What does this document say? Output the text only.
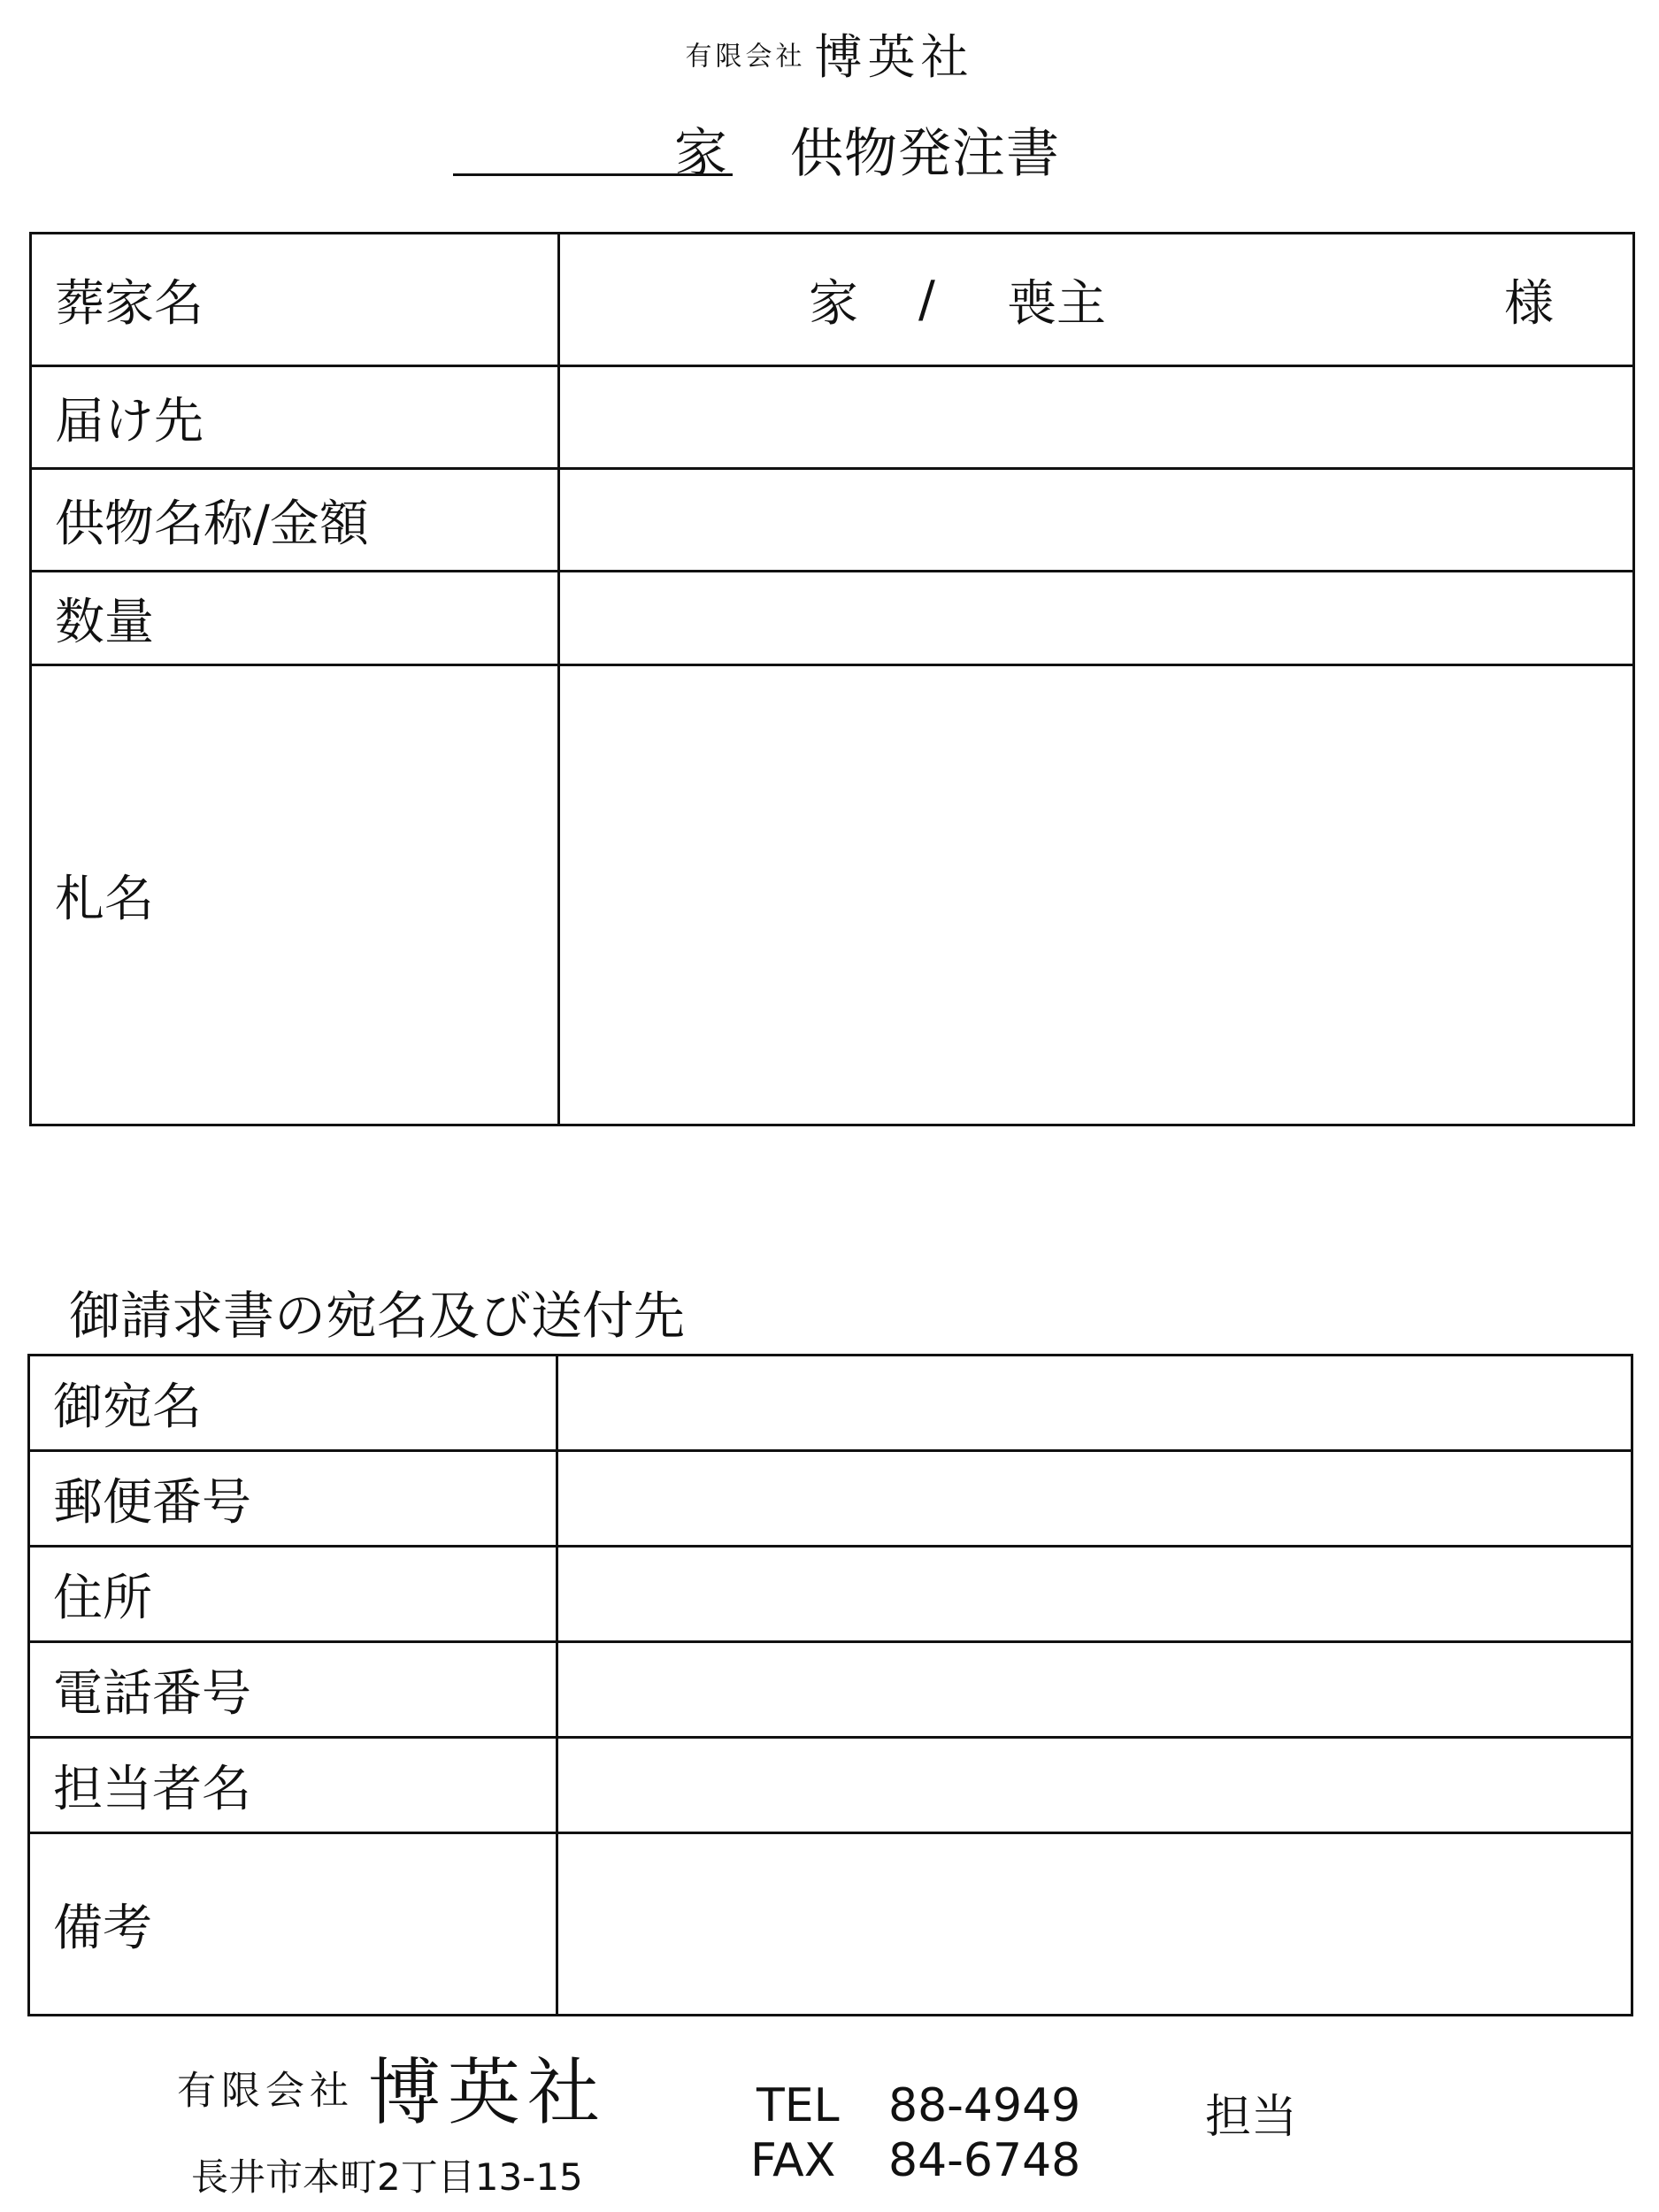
有限会社 博英社
家 供物発注書
葬家名	家 / 喪主 様

届け先	
供物名称/金額	
数量	
札名	
御請求書の宛名及び送付先
御宛名	
郵便番号	
住所	
電話番号	
担当者名	
備考	
有限会社 博英社
長井市本町2丁目13-15
TEL 88-4949
FAX 84-6748
担当
